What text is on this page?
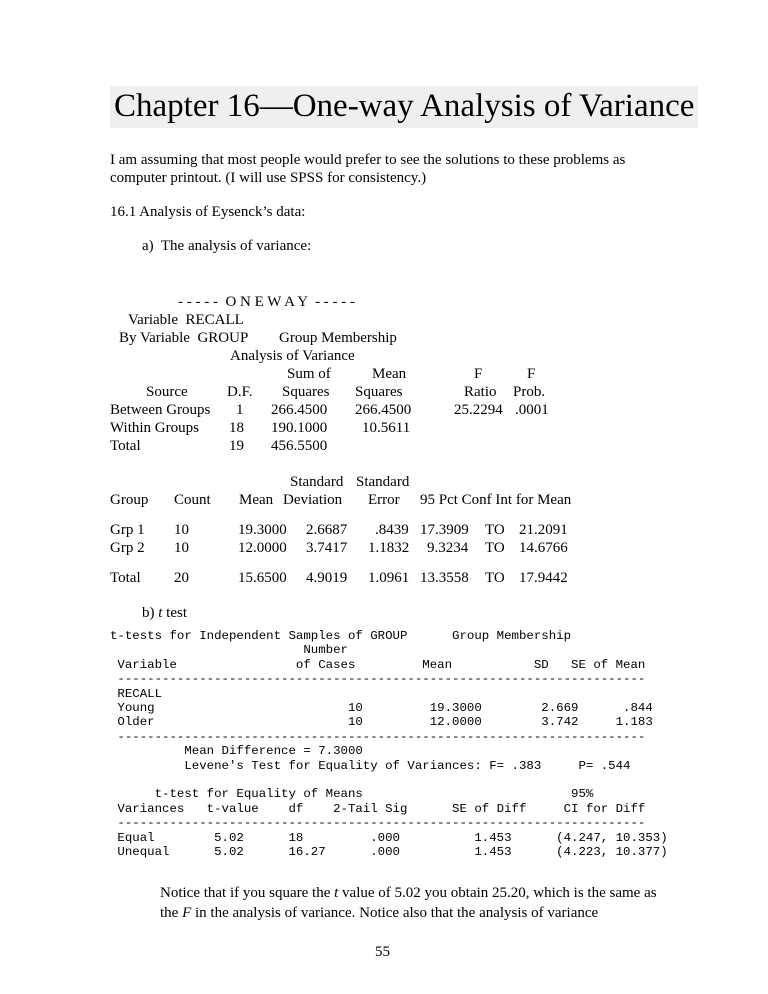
Chapter 16—One-way Analysis of Variance
I am assuming that most people would prefer to see the solutions to these problems as computer printout. (I will use SPSS for consistency.)
16.1 Analysis of Eysenck’s data:
a)  The analysis of variance:
- - - - -  O N E W A Y  - - - - -
Variable  RECALL
By Variable  GROUP Group Membership
Analysis of Variance
Sum of	Mean	F	F
Source	D.F. Squares Squares	Ratio Prob.
Between Groups 1 266.4500 266.4500	25.2294 .0001
Within Groups 18 190.1000 10.5611
Total	19 456.5500
Standard Standard
Group Count Mean Deviation Error 95 Pct Conf Int for Mean
Grp 1 10	19.3000 2.6687 .8439 17.3909 TO 21.2091
Grp 2 10	12.0000 3.7417 1.1832 9.3234 TO 14.6766
Total 20	15.6500 4.9019 1.0961 13.3558 TO 17.9442
b) t test
t-tests for Independent Samples of GROUP      Group Membership
Number
Variable                of Cases         Mean           SD   SE of Mean
-----------------------------------------------------------------------
RECALL
Young                          10         19.3000        2.669      .844
Older                          10         12.0000        3.742     1.183
-----------------------------------------------------------------------
Mean Difference = 7.3000
Levene's Test for Equality of Variances: F= .383     P= .544

t-test for Equality of Means                            95%
Variances   t-value    df    2-Tail Sig      SE of Diff     CI for Diff
-----------------------------------------------------------------------
Equal        5.02      18         .000          1.453      (4.247, 10.353)
Unequal      5.02      16.27      .000          1.453      (4.223, 10.377)
Notice that if you square the t value of 5.02 you obtain 25.20, which is the same as the F in the analysis of variance. Notice also that the analysis of variance
55
